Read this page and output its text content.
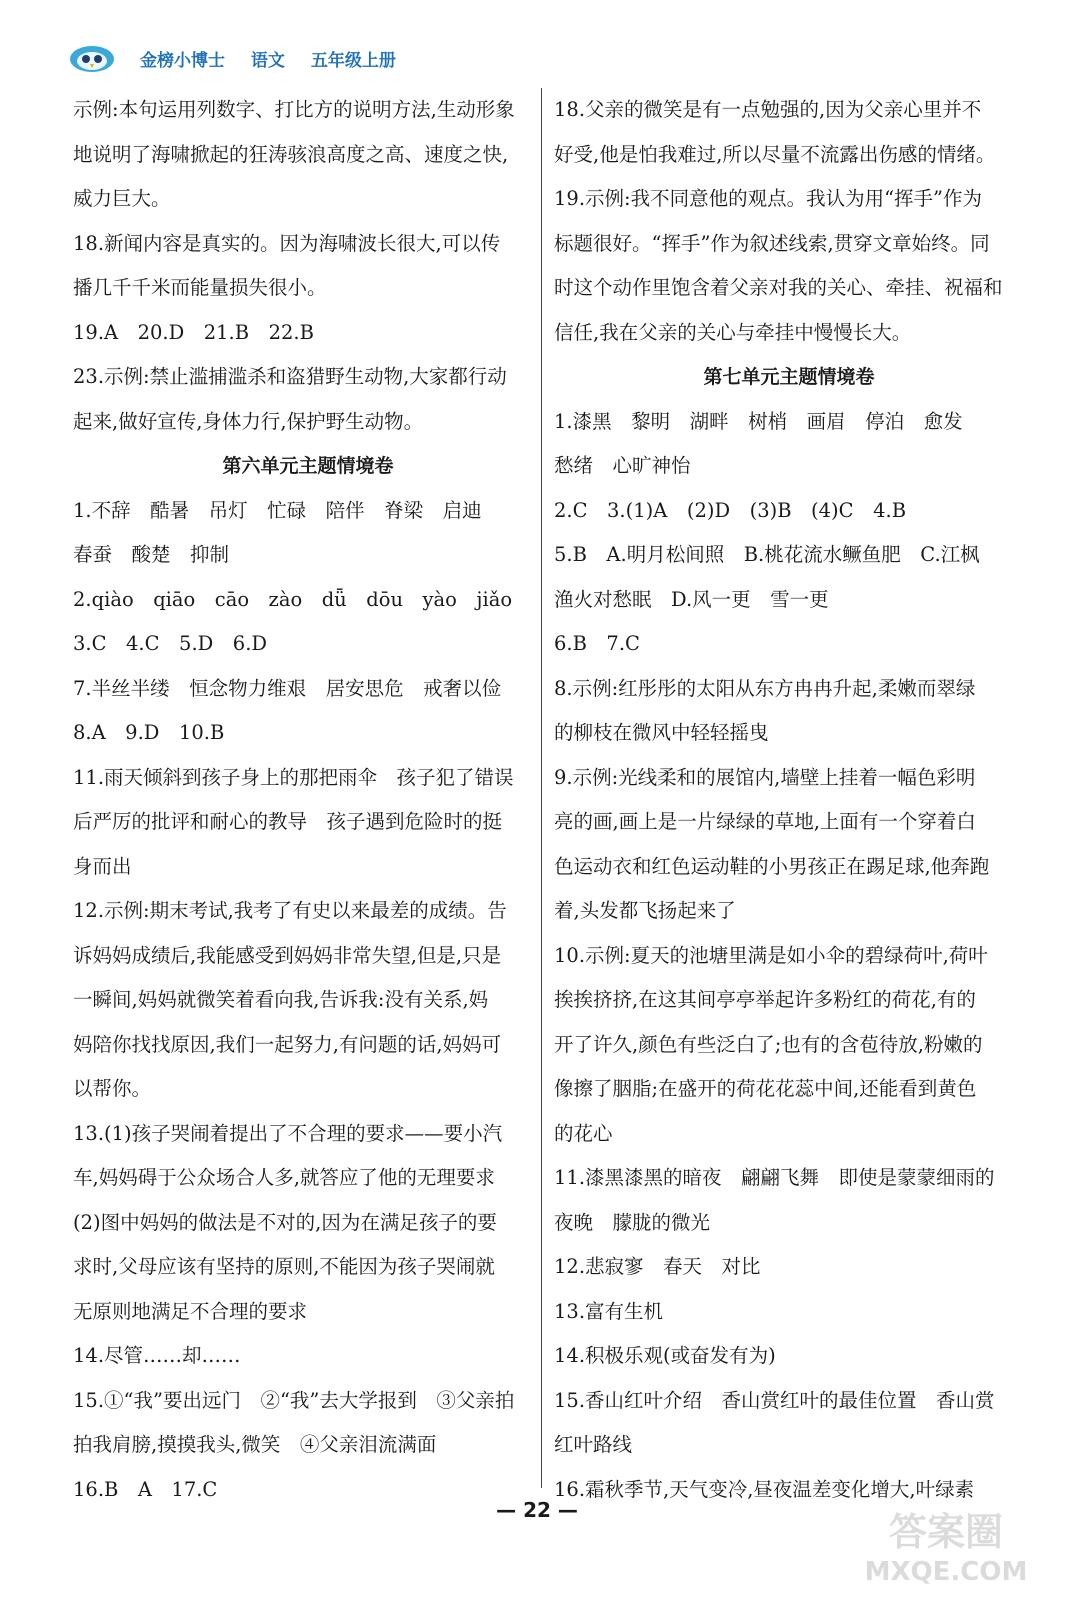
金榜小博士 语文 五年级上册
示例:本句运用列数字、打比方的说明方法,生动形象
地说明了海啸掀起的狂涛骇浪高度之高、速度之快,
威力巨大。
18.新闻内容是真实的。因为海啸波长很大,可以传
播几千千米而能量损失很小。
19.A　20.D　21.B　22.B
23.示例:禁止滥捕滥杀和盗猎野生动物,大家都行动
起来,做好宣传,身体力行,保护野生动物。
第六单元主题情境卷
1.不辞　酷暑　吊灯　忙碌　陪伴　脊梁　启迪
春蚕　酸楚　抑制
2.qiào　qiāo　cāo　zào　dǖ　dōu　yào　jiǎo
3.C　4.C　5.D　6.D
7.半丝半缕　恒念物力维艰　居安思危　戒奢以俭
8.A　9.D　10.B
11.雨天倾斜到孩子身上的那把雨伞　孩子犯了错误
后严厉的批评和耐心的教导　孩子遇到危险时的挺
身而出
12.示例:期末考试,我考了有史以来最差的成绩。告
诉妈妈成绩后,我能感受到妈妈非常失望,但是,只是
一瞬间,妈妈就微笑着看向我,告诉我:没有关系,妈
妈陪你找找原因,我们一起努力,有问题的话,妈妈可
以帮你。
13.(1)孩子哭闹着提出了不合理的要求——要小汽
车,妈妈碍于公众场合人多,就答应了他的无理要求
(2)图中妈妈的做法是不对的,因为在满足孩子的要
求时,父母应该有坚持的原则,不能因为孩子哭闹就
无原则地满足不合理的要求
14.尽管……却……
15.①“我”要出远门　②“我”去大学报到　③父亲拍
拍我肩膀,摸摸我头,微笑　④父亲泪流满面
16.B　A　17.C
18.父亲的微笑是有一点勉强的,因为父亲心里并不
好受,他是怕我难过,所以尽量不流露出伤感的情绪。
19.示例:我不同意他的观点。我认为用“挥手”作为
标题很好。“挥手”作为叙述线索,贯穿文章始终。同
时这个动作里饱含着父亲对我的关心、牵挂、祝福和
信任,我在父亲的关心与牵挂中慢慢长大。
第七单元主题情境卷
1.漆黑　黎明　湖畔　树梢　画眉　停泊　愈发
愁绪　心旷神怡
2.C　3.(1)A　(2)D　(3)B　(4)C　4.B
5.B　A.明月松间照　B.桃花流水鳜鱼肥　C.江枫
渔火对愁眠　D.风一更　雪一更
6.B　7.C
8.示例:红彤彤的太阳从东方冉冉升起,柔嫩而翠绿
的柳枝在微风中轻轻摇曳
9.示例:光线柔和的展馆内,墙壁上挂着一幅色彩明
亮的画,画上是一片绿绿的草地,上面有一个穿着白
色运动衣和红色运动鞋的小男孩正在踢足球,他奔跑
着,头发都飞扬起来了
10.示例:夏天的池塘里满是如小伞的碧绿荷叶,荷叶
挨挨挤挤,在这其间亭亭举起许多粉红的荷花,有的
开了许久,颜色有些泛白了;也有的含苞待放,粉嫩的
像擦了胭脂;在盛开的荷花花蕊中间,还能看到黄色
的花心
11.漆黑漆黑的暗夜　翩翩飞舞　即使是蒙蒙细雨的
夜晚　朦胧的微光
12.悲寂寥　春天　对比
13.富有生机
14.积极乐观(或奋发有为)
15.香山红叶介绍　香山赏红叶的最佳位置　香山赏
红叶路线
16.霜秋季节,天气变冷,昼夜温差变化增大,叶绿素
— 22 —	答案圈
MXQE.COM
